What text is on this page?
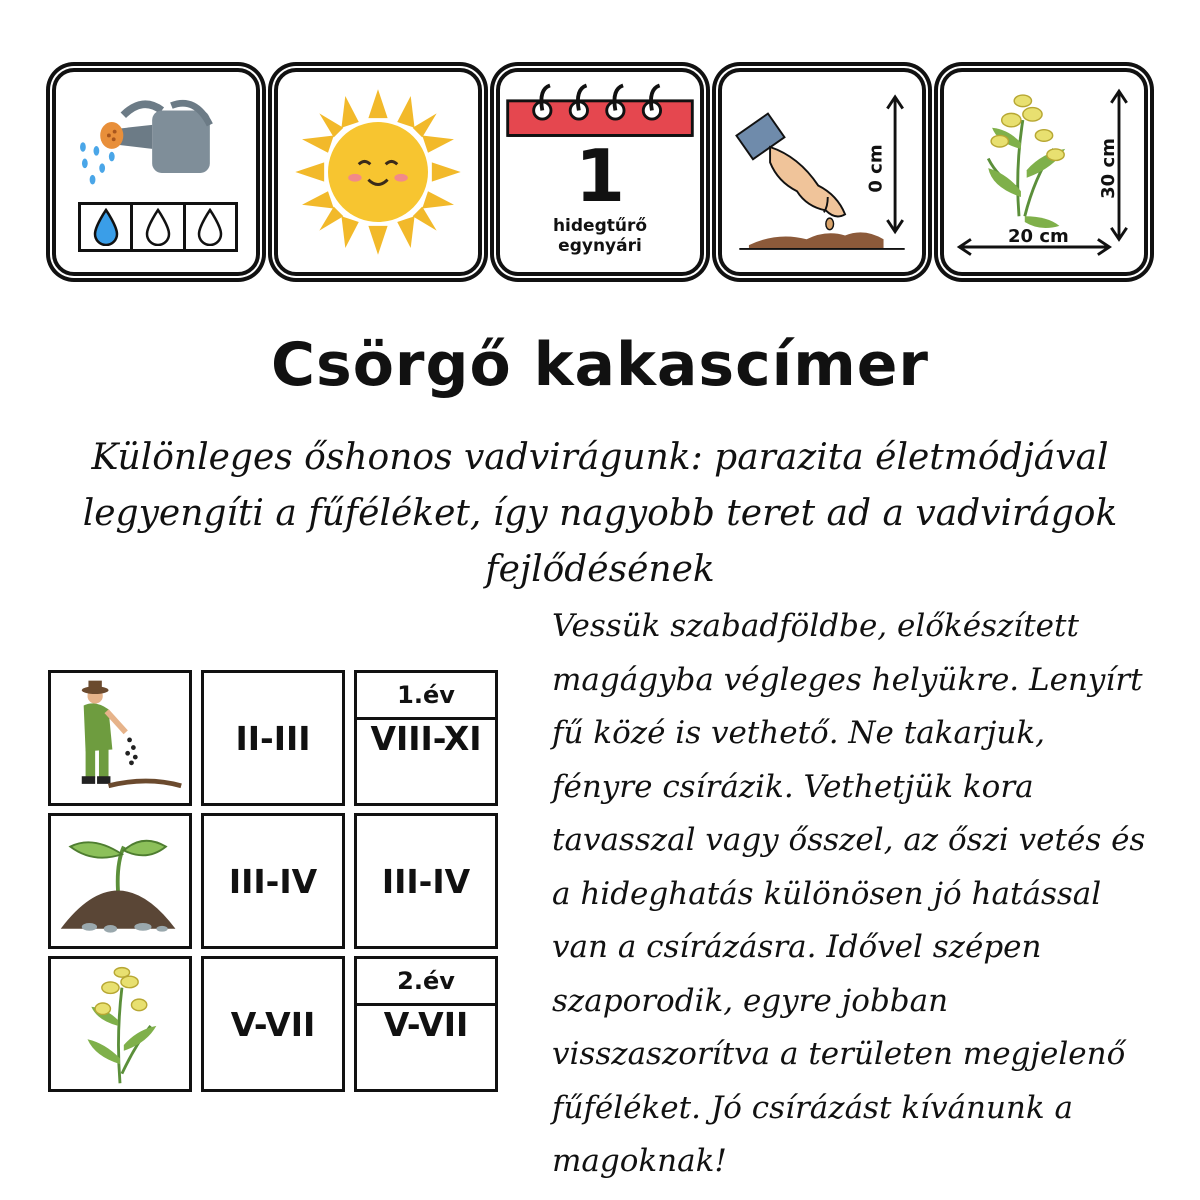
1
hidegtűrő
egynyári
0 cm	30 cm
20 cm
Csörgő kakascímer
Különleges őshonos vadvirágunk: parazita életmódjával legyengíti a fűféléket, így nagyobb teret ad a vadvirágok fejlődésének
II-III
1.év
VIII-XI
III-IV	III-IV
V-VII
2.év
V-VII
Vessük szabadföldbe, előkészített magágyba végleges helyükre. Lenyírt fű közé is vethető. Ne takarjuk, fényre csírázik. Vethetjük kora tavasszal vagy ősszel, az őszi vetés és a hideghatás különösen jó hatással van a csírázásra. Idővel szépen szaporodik, egyre jobban visszaszorítva a területen megjelenő fűféléket. Jó csírázást kívánunk a magoknak!
